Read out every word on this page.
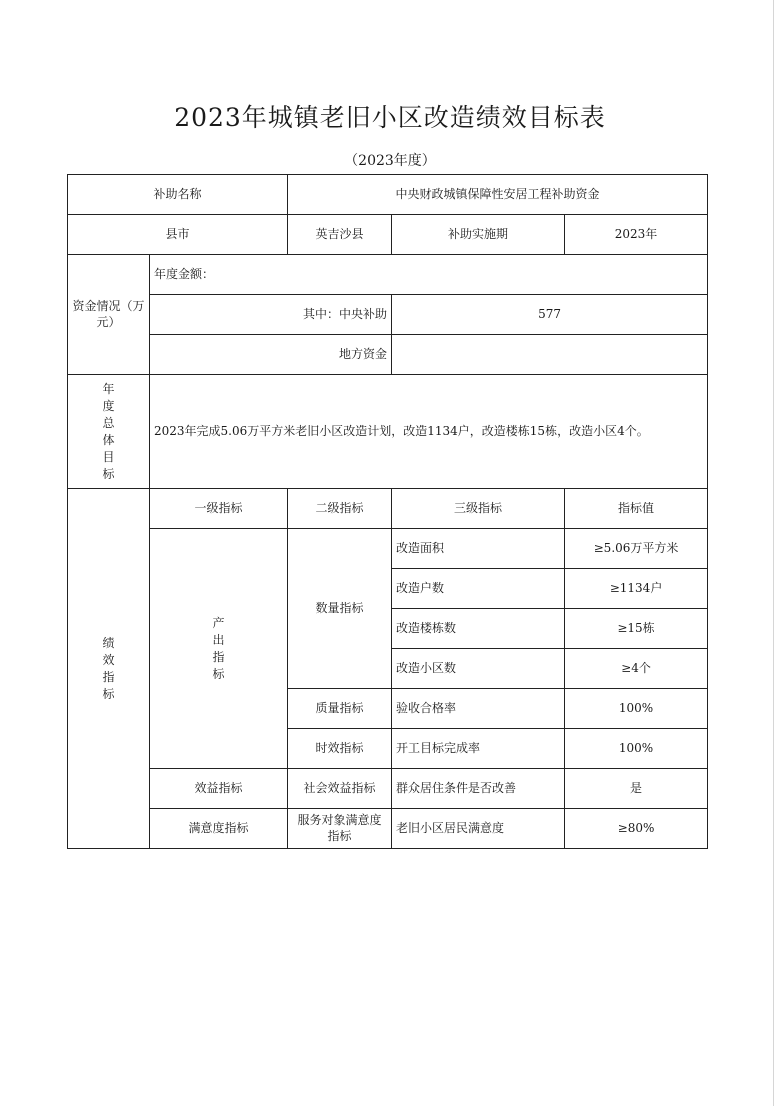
2023年城镇老旧小区改造绩效目标表
（2023年度）
补助名称		中央财政城镇保障性安居工程补助资金		
县市		英吉沙县	补助实施期	2023年
资金情况（万元）	年度金额：			
	其中：中央补助		577	
	地方资金			
年度总体目标	2023年完成5.06万平方米老旧小区改造计划，改造1134户，改造楼栋15栋，改造小区4个。			
绩效指标	一级指标	二级指标	三级指标	指标值
	产出指标	数量指标	改造面积	≥5.06万平方米
			改造户数	≥1134户
			改造楼栋数	≥15栋
			改造小区数	≥4个
		质量指标	验收合格率	100%
		时效指标	开工目标完成率	100%
	效益指标	社会效益指标	群众居住条件是否改善	是
	满意度指标	服务对象满意度指标	老旧小区居民满意度	≥80%
